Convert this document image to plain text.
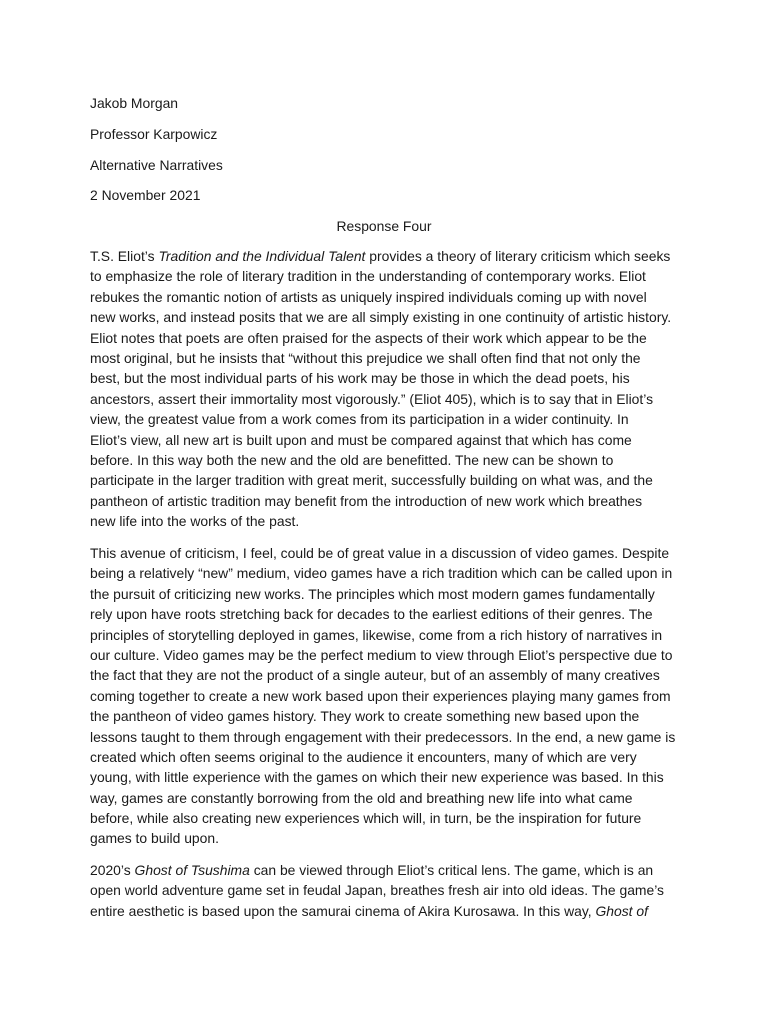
Jakob Morgan
Professor Karpowicz
Alternative Narratives
2 November 2021
Response Four
T.S. Eliot’s Tradition and the Individual Talent provides a theory of literary criticism which seeks
to emphasize the role of literary tradition in the understanding of contemporary works. Eliot
rebukes the romantic notion of artists as uniquely inspired individuals coming up with novel
new works, and instead posits that we are all simply existing in one continuity of artistic history.
Eliot notes that poets are often praised for the aspects of their work which appear to be the
most original, but he insists that “without this prejudice we shall often find that not only the
best, but the most individual parts of his work may be those in which the dead poets, his
ancestors, assert their immortality most vigorously.” (Eliot 405), which is to say that in Eliot’s
view, the greatest value from a work comes from its participation in a wider continuity. In
Eliot’s view, all new art is built upon and must be compared against that which has come
before. In this way both the new and the old are benefitted. The new can be shown to
participate in the larger tradition with great merit, successfully building on what was, and the
pantheon of artistic tradition may benefit from the introduction of new work which breathes
new life into the works of the past.
This avenue of criticism, I feel, could be of great value in a discussion of video games. Despite
being a relatively “new” medium, video games have a rich tradition which can be called upon in
the pursuit of criticizing new works. The principles which most modern games fundamentally
rely upon have roots stretching back for decades to the earliest editions of their genres. The
principles of storytelling deployed in games, likewise, come from a rich history of narratives in
our culture. Video games may be the perfect medium to view through Eliot’s perspective due to
the fact that they are not the product of a single auteur, but of an assembly of many creatives
coming together to create a new work based upon their experiences playing many games from
the pantheon of video games history. They work to create something new based upon the
lessons taught to them through engagement with their predecessors. In the end, a new game is
created which often seems original to the audience it encounters, many of which are very
young, with little experience with the games on which their new experience was based. In this
way, games are constantly borrowing from the old and breathing new life into what came
before, while also creating new experiences which will, in turn, be the inspiration for future
games to build upon.
2020’s Ghost of Tsushima can be viewed through Eliot’s critical lens. The game, which is an
open world adventure game set in feudal Japan, breathes fresh air into old ideas. The game’s
entire aesthetic is based upon the samurai cinema of Akira Kurosawa. In this way, Ghost of
